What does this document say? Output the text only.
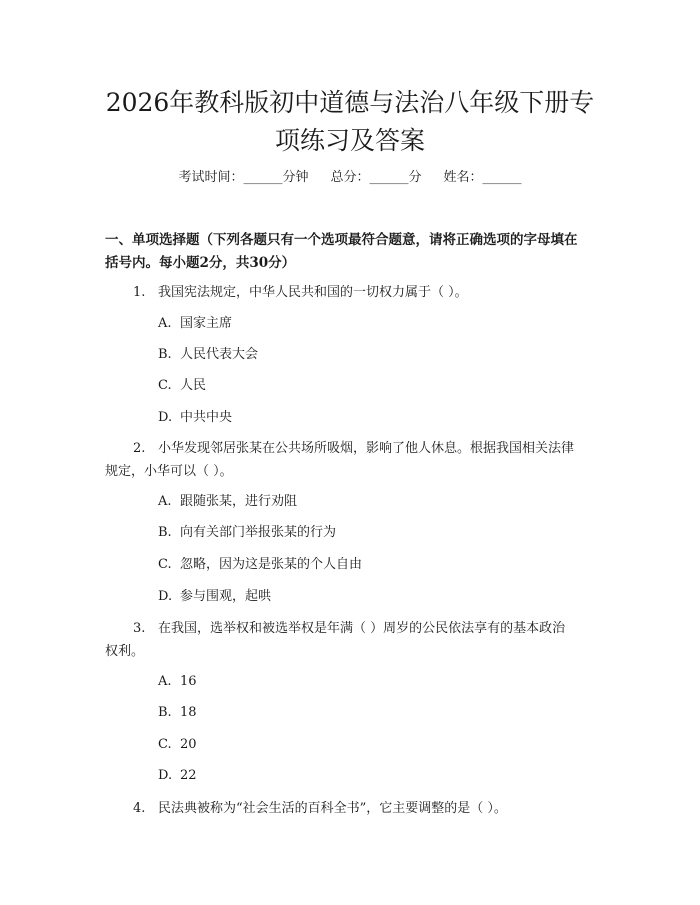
2026年教科版初中道德与法治八年级下册专
项练习及答案
考试时间：______分钟 总分：______分 姓名：______
一、单项选择题（下列各题只有一个选项最符合题意，请将正确选项的字母填在
括号内。每小题2分，共30分）
1. 我国宪法规定，中华人民共和国的一切权力属于（ ）。
A. 国家主席
B. 人民代表大会
C. 人民
D. 中共中央
2. 小华发现邻居张某在公共场所吸烟，影响了他人休息。根据我国相关法律
规定，小华可以（ ）。
A. 跟随张某，进行劝阻
B. 向有关部门举报张某的行为
C. 忽略，因为这是张某的个人自由
D. 参与围观，起哄
3. 在我国，选举权和被选举权是年满（ ）周岁的公民依法享有的基本政治
权利。
A. 16
B. 18
C. 20
D. 22
4. 民法典被称为“社会生活的百科全书”，它主要调整的是（ ）。
